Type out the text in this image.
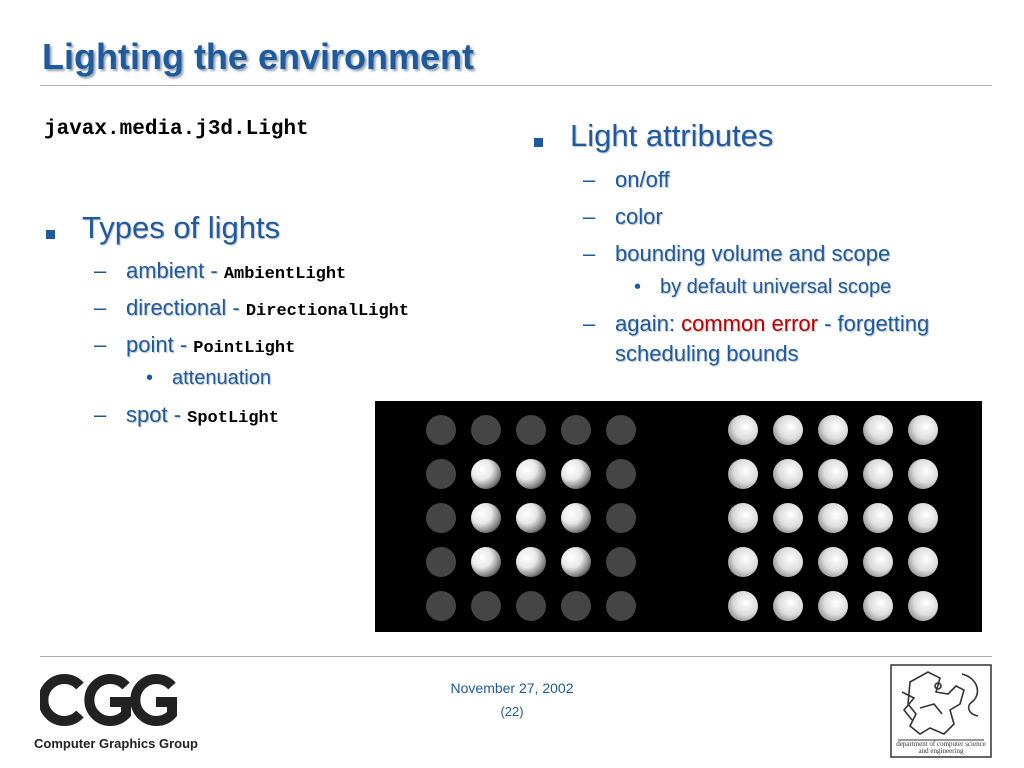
Lighting the environment
javax.media.j3d.Light
Types of lights
– ambient - AmbientLight
– directional - DirectionalLight
– point - PointLight
• attenuation
– spot - SpotLight
Light attributes
– on/off
– color
– bounding volume and scope
• by default universal scope
– again: common error - forgetting
scheduling bounds
Computer Graphics Group
November 27, 2002
(22)
department of computer science
and engineering
